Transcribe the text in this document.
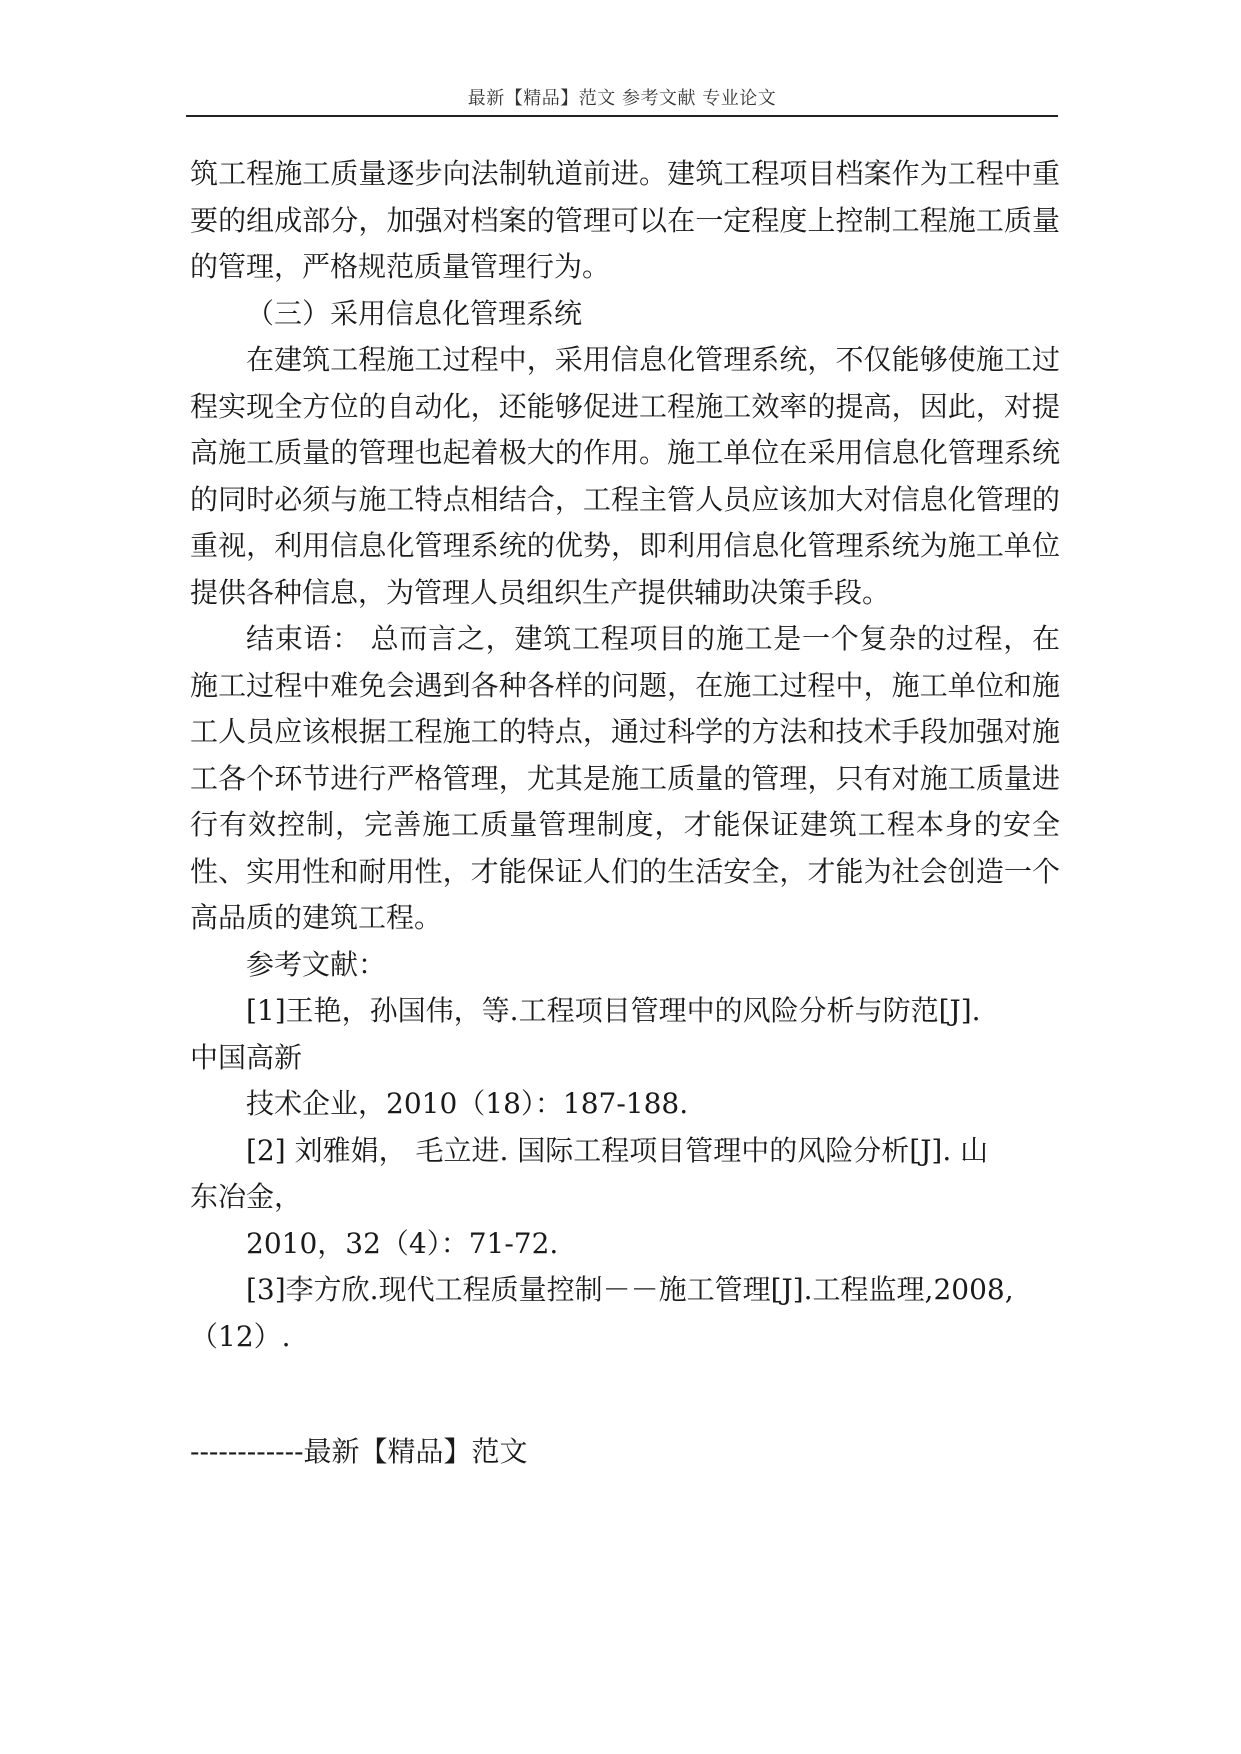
最新【精品】范文 参考文献 专业论文

筑工程施工质量逐步向法制轨道前进。建筑工程项目档案作为工程中重要的组成部分，加强对档案的管理可以在一定程度上控制工程施工质量的管理，严格规范质量管理行为。

（三）采用信息化管理系统

在建筑工程施工过程中，采用信息化管理系统，不仅能够使施工过程实现全方位的自动化，还能够促进工程施工效率的提高，因此，对提高施工质量的管理也起着极大的作用。施工单位在采用信息化管理系统的同时必须与施工特点相结合，工程主管人员应该加大对信息化管理的重视，利用信息化管理系统的优势，即利用信息化管理系统为施工单位提供各种信息，为管理人员组织生产提供辅助决策手段。

结束语： 总而言之，建筑工程项目的施工是一个复杂的过程，在施工过程中难免会遇到各种各样的问题，在施工过程中，施工单位和施工人员应该根据工程施工的特点，通过科学的方法和技术手段加强对施工各个环节进行严格管理，尤其是施工质量的管理，只有对施工质量进行有效控制，完善施工质量管理制度，才能保证建筑工程本身的安全性、实用性和耐用性，才能保证人们的生活安全，才能为社会创造一个高品质的建筑工程。

参考文献：

[1]王艳，孙国伟，等.工程项目管理中的风险分析与防范[J].

中国高新

技术企业，2010（18）：187-188.

[2] 刘雅娟， 毛立进. 国际工程项目管理中的风险分析[J]. 山

东冶金，

2010，32（4）：71-72.

[3]李方欣.现代工程质量控制－－施工管理[J].工程监理,2008,

（12）.

------------最新【精品】范文
